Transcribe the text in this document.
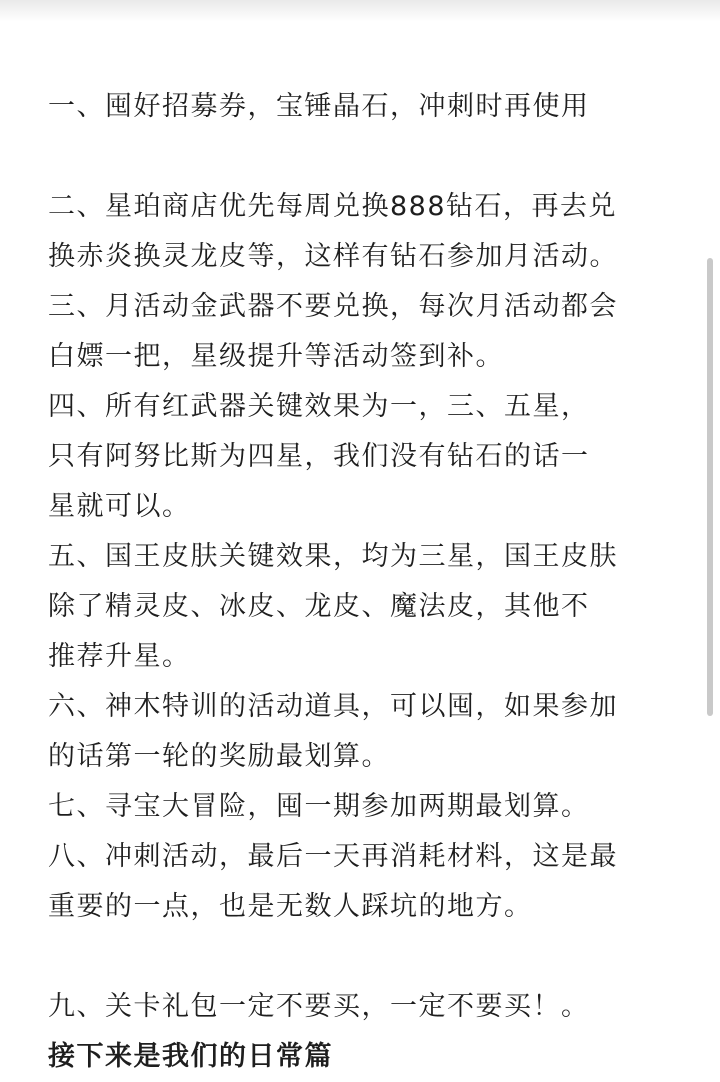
一、囤好招募券，宝锤晶石，冲刺时再使用
二、星珀商店优先每周兑换888钻石，再去兑
换赤炎换灵龙皮等，这样有钻石参加月活动。
三、月活动金武器不要兑换，每次月活动都会
白嫖一把，星级提升等活动签到补。
四、所有红武器关键效果为一，三、五星，
只有阿努比斯为四星，我们没有钻石的话一
星就可以。
五、国王皮肤关键效果，均为三星，国王皮肤
除了精灵皮、冰皮、龙皮、魔法皮，其他不
推荐升星。
六、神木特训的活动道具，可以囤，如果参加
的话第一轮的奖励最划算。
七、寻宝大冒险，囤一期参加两期最划算。
八、冲刺活动，最后一天再消耗材料，这是最
重要的一点，也是无数人踩坑的地方。
九、关卡礼包一定不要买，一定不要买！。
接下来是我们的日常篇
